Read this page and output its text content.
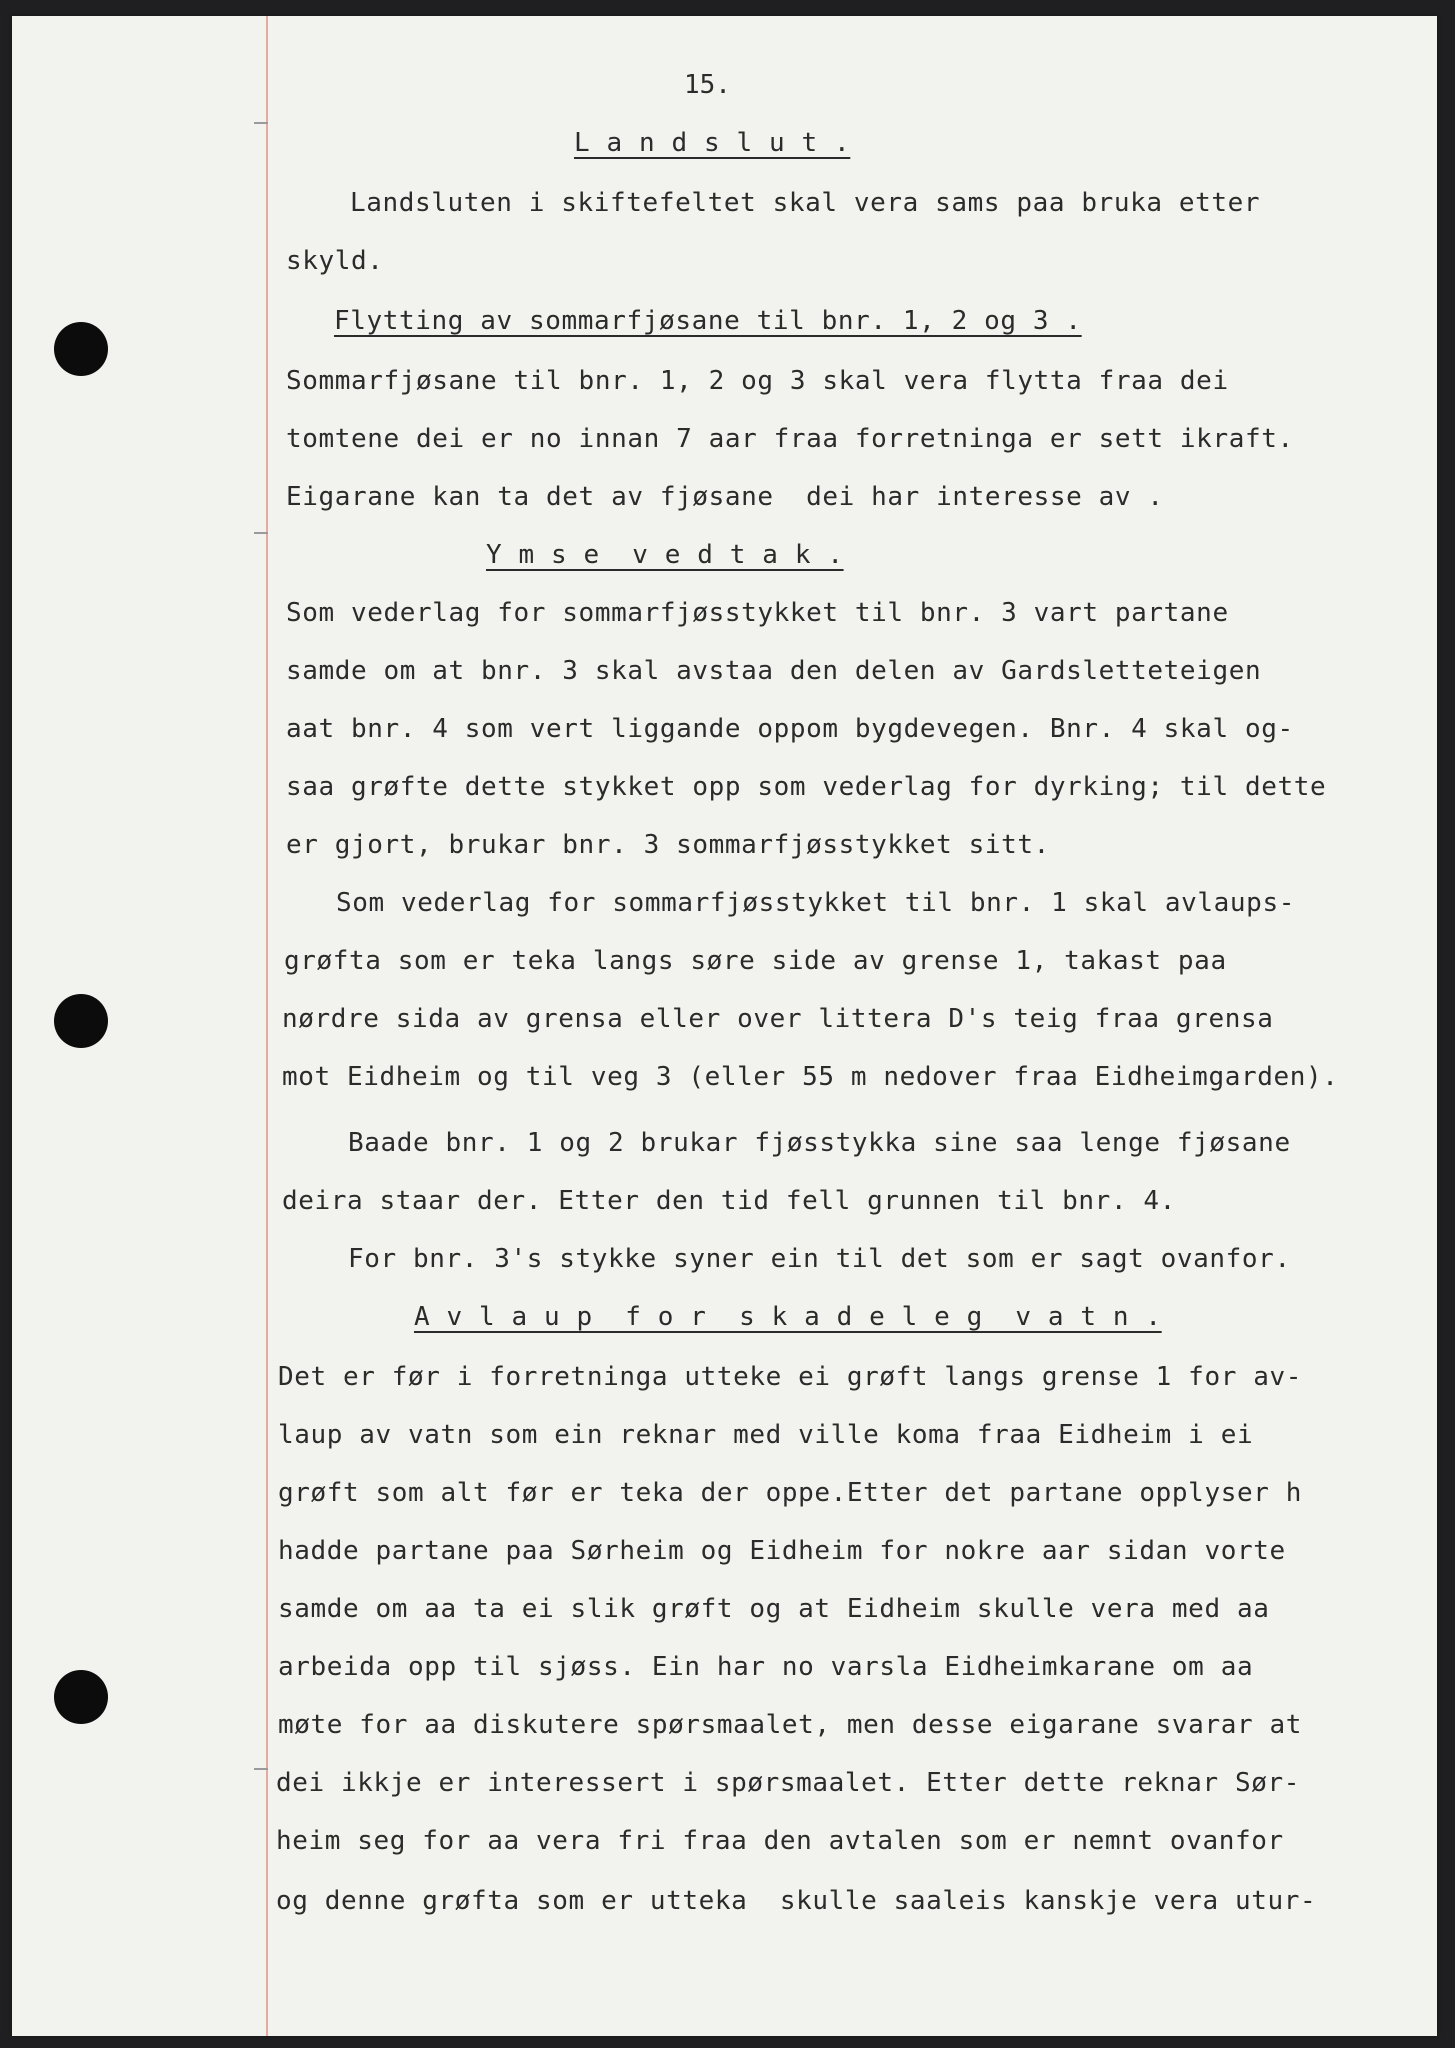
15.
L a n d s l u t .
Landsluten i skiftefeltet skal vera sams paa bruka etter
skyld.
Flytting av sommarfjøsane til bnr. 1, 2 og 3 .
Sommarfjøsane til bnr. 1, 2 og 3 skal vera flytta fraa dei
tomtene dei er no innan 7 aar fraa forretninga er sett ikraft.
Eigarane kan ta det av fjøsane  dei har interesse av .
Y m s e  v e d t a k .
Som vederlag for sommarfjøsstykket til bnr. 3 vart partane
samde om at bnr. 3 skal avstaa den delen av Gardsletteteigen
aat bnr. 4 som vert liggande oppom bygdevegen. Bnr. 4 skal og-
saa grøfte dette stykket opp som vederlag for dyrking; til dette
er gjort, brukar bnr. 3 sommarfjøsstykket sitt.
Som vederlag for sommarfjøsstykket til bnr. 1 skal avlaups-
grøfta som er teka langs søre side av grense 1, takast paa
nørdre sida av grensa eller over littera D's teig fraa grensa
mot Eidheim og til veg 3 (eller 55 m nedover fraa Eidheimgarden).
Baade bnr. 1 og 2 brukar fjøsstykka sine saa lenge fjøsane
deira staar der. Etter den tid fell grunnen til bnr. 4.
For bnr. 3's stykke syner ein til det som er sagt ovanfor.
A v l a u p  f o r  s k a d e l e g  v a t n .
Det er før i forretninga utteke ei grøft langs grense 1 for av-
laup av vatn som ein reknar med ville koma fraa Eidheim i ei
grøft som alt før er teka der oppe.Etter det partane opplyser h
hadde partane paa Sørheim og Eidheim for nokre aar sidan vorte
samde om aa ta ei slik grøft og at Eidheim skulle vera med aa
arbeida opp til sjøss. Ein har no varsla Eidheimkarane om aa
møte for aa diskutere spørsmaalet, men desse eigarane svarar at
dei ikkje er interessert i spørsmaalet. Etter dette reknar Sør-
heim seg for aa vera fri fraa den avtalen som er nemnt ovanfor
og denne grøfta som er utteka  skulle saaleis kanskje vera utur-
